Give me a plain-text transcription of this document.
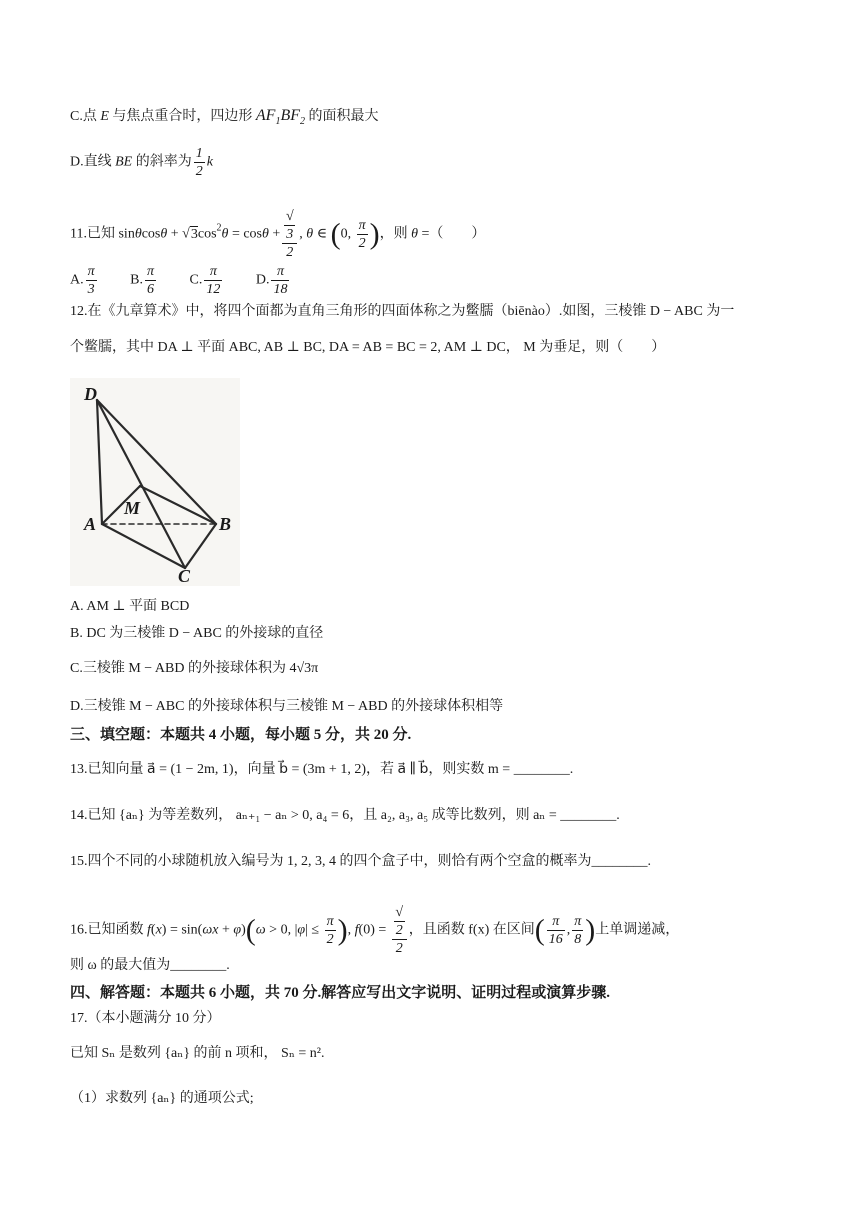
C.点 E 与焦点重合时，四边形 $AF_1BF_2$ 的面积最大
D.直线 BE 的斜率为 $\frac{1}{2}$ k
11.已知 $\sin\theta\cos\theta + √3\cos^2\theta = \cos\theta$ + √
3
2 , θ ∈ (0, $\frac{\pi}{2}$ )，则 θ =（　　）
A. $\frac{\pi}{3} B$. $\frac{\pi}{6} C$. $\frac{\pi}{12} D$. $\frac{\pi}{18}$
12.在《九章算术》中，将四个面都为直角三角形的四面体称之为鳖臑（biēnào）.如图，三棱锥 D − ABC 为一
个鳖臑，其中 DA ⊥ 平面 ABC, AB ⊥ BC, DA = AB = BC = 2, AM ⊥ DC， M 为垂足，则（　　）
D
M
A	B
C
A. AM ⊥ 平面 BCD
B. DC 为三棱锥 D − ABC 的外接球的直径
C.三棱锥 M − ABD 的外接球体积为 4√3π
D.三棱锥 M − ABC 的外接球体积与三棱锥 M − ABD 的外接球体积相等
三、填空题：本题共 4 小题，每小题 5 分，共 20 分.
13.已知向量 a⃗ = (1 − 2m, 1)，向量 b⃗ = (3m + 1, 2)，若 a⃗ ∥ b⃗，则实数 m = ________.
14.已知 {aₙ} 为等差数列， aₙ₊₁ − aₙ > 0, a₄ = 6，且 a₂, a₃, a₅ 成等比数列，则 aₙ = ________.
15.四个不同的小球随机放入编号为 1, 2, 3, 4 的四个盒子中，则恰有两个空盒的概率为________.
16.已知函数 f(x) = sin(ωx + φ)(ω > 0, $|\varphi| \le \frac{\pi}{2}$ ), f(0) = √
2
2 ，且函数 f(x) 在区间( $\frac{\pi}{16}$ , $\frac{\pi}{8}$ )上单调递减，
则 ω 的最大值为________.
四、解答题：本题共 6 小题，共 70 分.解答应写出文字说明、证明过程或演算步骤.
17.（本小题满分 10 分）
已知 Sₙ 是数列 {aₙ} 的前 n 项和， Sₙ = n².
（1）求数列 {aₙ} 的通项公式;
